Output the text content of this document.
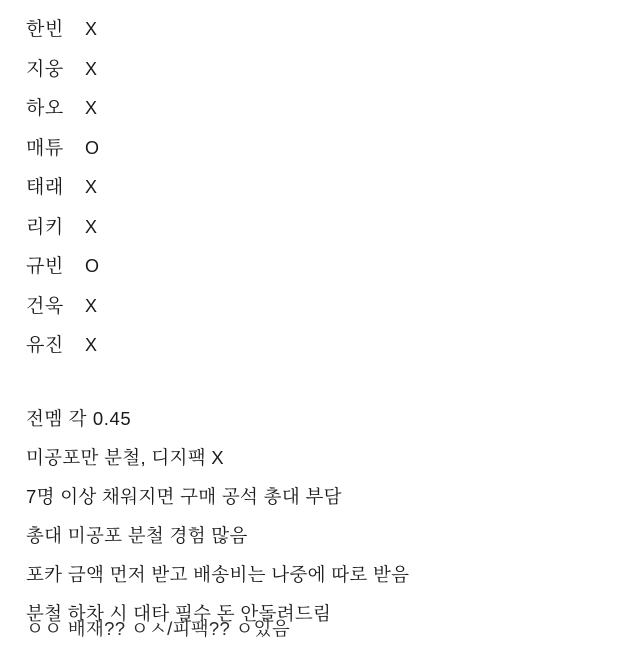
한빈	X
지웅	X
하오	X
매튜	O
태래	X
리키	X
규빈	O
건욱	X
유진	X
전멤 각 0.45
미공포만 분철, 디지팩 X
7명 이상 채워지면 구매 공석 총대 부담
총대 미공포 분철 경험 많음
포카 금액 먼저 받고 배송비는 나중에 따로 받음
분철 하차 시 대타 필수 돈 안돌려드림
ㅇㅇ 배재?? ㅇㅅ/피팩?? ㅇ있음
